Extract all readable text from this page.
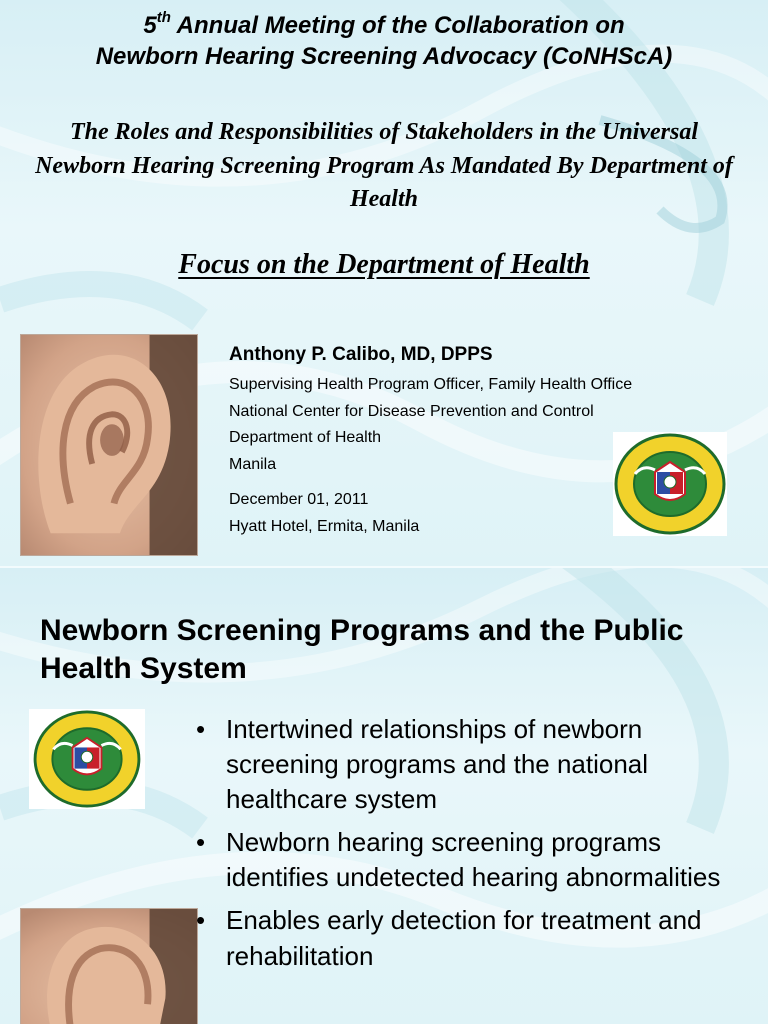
5th Annual Meeting of the Collaboration on
Newborn Hearing Screening Advocacy (CoNHScA)
The Roles and Responsibilities of Stakeholders in the Universal Newborn Hearing Screening Program As Mandated By Department of Health
Focus on the Department of Health

Anthony P. Calibo, MD, DPPS

Supervising Health Program Officer, Family Health Office

National Center for Disease Prevention and Control

Department of Health

Manila

December 01, 2011

Hyatt Hotel, Ermita, Manila

Newborn Screening Programs and the Public Health System
• Intertwined relationships of newborn screening programs and the national healthcare system
• Newborn hearing screening programs identifies undetected hearing abnormalities
• Enables early detection for treatment and rehabilitation
